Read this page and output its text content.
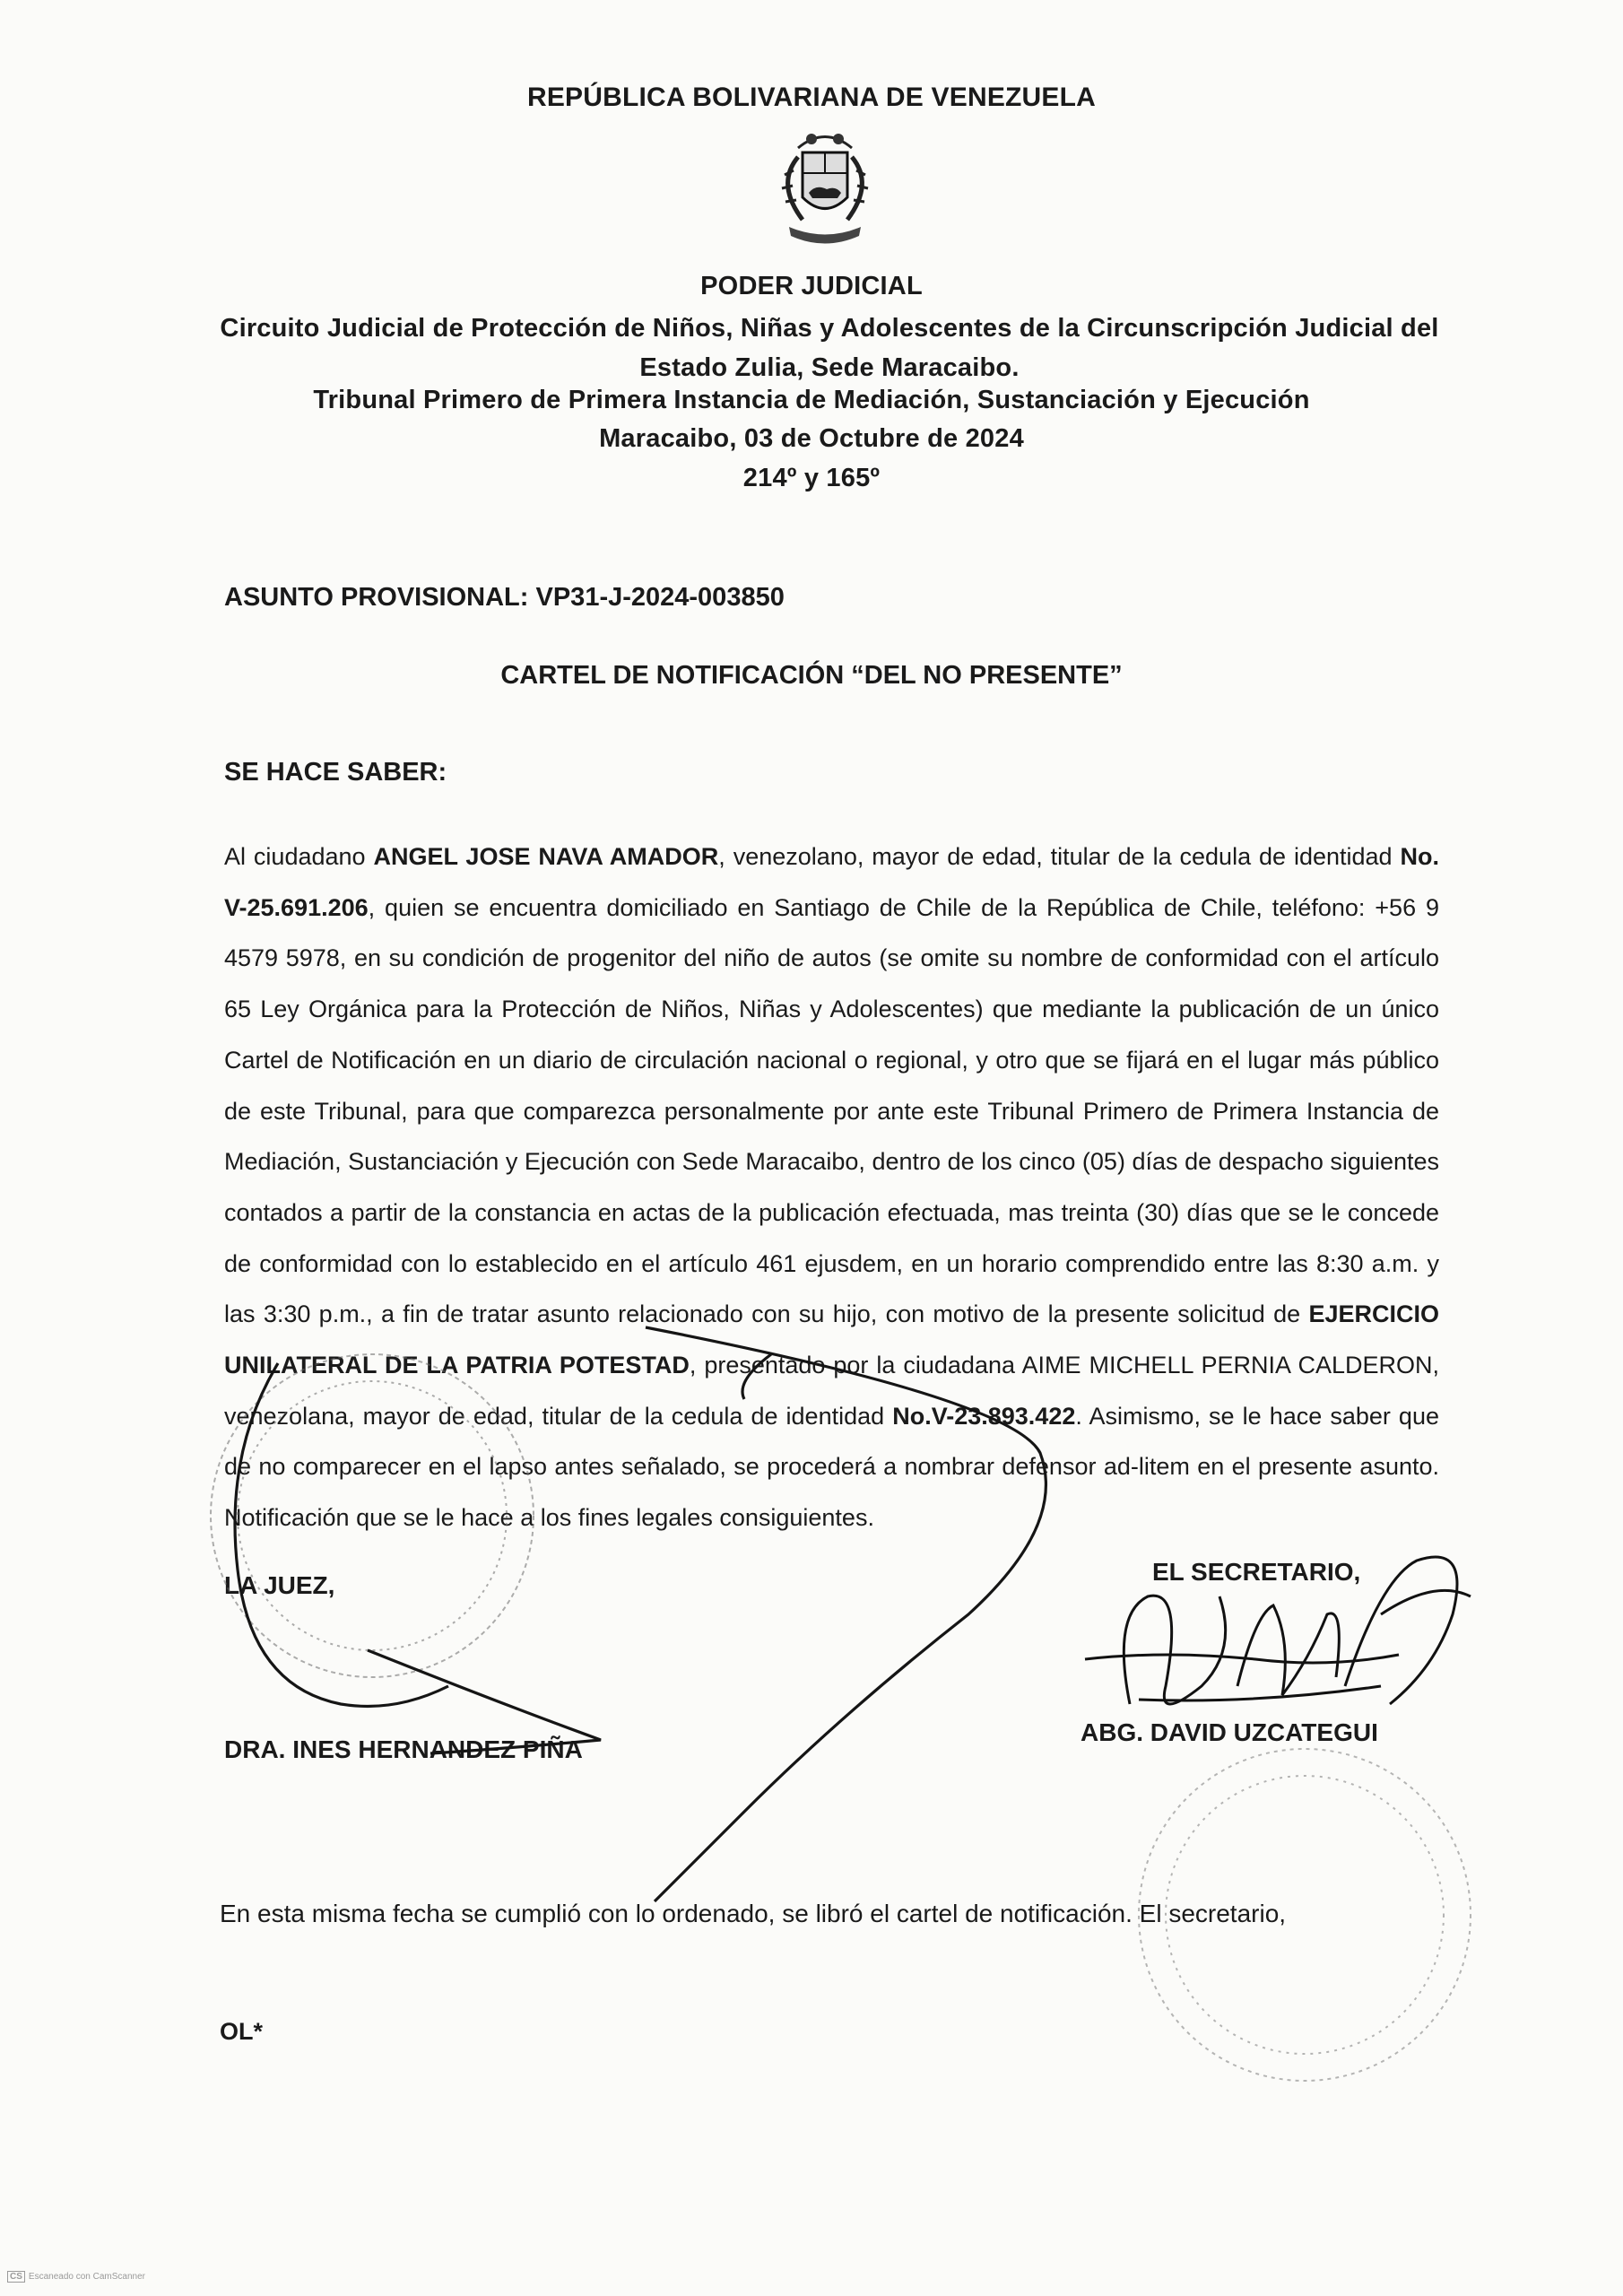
REPÚBLICA BOLIVARIANA DE VENEZUELA
PODER JUDICIAL
Circuito Judicial de Protección de Niños, Niñas y Adolescentes de la Circunscripción Judicial del Estado Zulia, Sede Maracaibo.
Tribunal Primero de Primera Instancia de Mediación, Sustanciación y Ejecución
Maracaibo, 03 de Octubre de 2024
214º y 165º
ASUNTO PROVISIONAL: VP31-J-2024-003850
CARTEL DE NOTIFICACIÓN “DEL NO PRESENTE”
SE HACE SABER:
Al ciudadano ANGEL JOSE NAVA AMADOR, venezolano, mayor de edad, titular de la cedula de identidad No. V-25.691.206, quien se encuentra domiciliado en Santiago de Chile de la República de Chile, teléfono: +56 9 4579 5978, en su condición de progenitor del niño de autos (se omite su nombre de conformidad con el artículo 65 Ley Orgánica para la Protección de Niños, Niñas y Adolescentes) que mediante la publicación de un único Cartel de Notificación en un diario de circulación nacional o regional, y otro que se fijará en el lugar más público de este Tribunal, para que comparezca personalmente por ante este Tribunal Primero de Primera Instancia de Mediación, Sustanciación y Ejecución con Sede Maracaibo, dentro de los cinco (05) días de despacho siguientes contados a partir de la constancia en actas de la publicación efectuada, mas treinta (30) días que se le concede de conformidad con lo establecido en el artículo 461 ejusdem, en un horario comprendido entre las 8:30 a.m. y las 3:30 p.m., a fin de tratar asunto relacionado con su hijo, con motivo de la presente solicitud de EJERCICIO UNILATERAL DE LA PATRIA POTESTAD, presentado por la ciudadana AIME MICHELL PERNIA CALDERON, venezolana, mayor de edad, titular de la cedula de identidad No.V-23.893.422. Asimismo, se le hace saber que de no comparecer en el lapso antes señalado, se procederá a nombrar defensor ad-litem en el presente asunto. Notificación que se le hace a los fines legales consiguientes.
LA JUEZ,
DRA. INES HERNANDEZ PIÑA
EL SECRETARIO,
ABG. DAVID UZCATEGUI
En esta misma fecha se cumplió con lo ordenado, se libró el cartel de notificación. El secretario,
OL*
CS Escaneado con CamScanner
